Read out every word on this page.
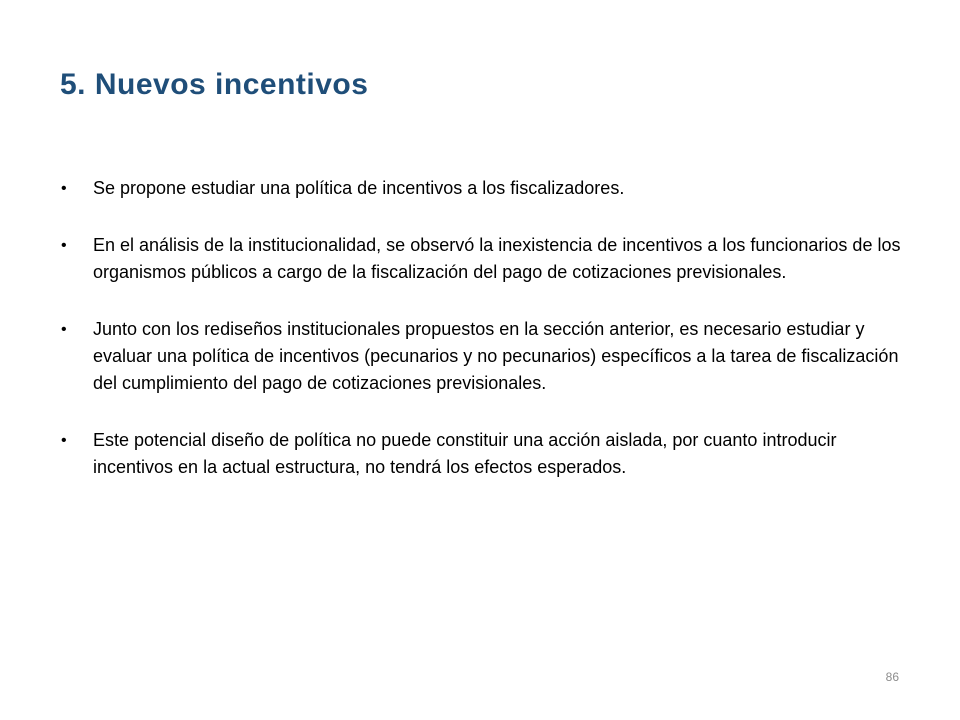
5. Nuevos incentivos
•	Se propone estudiar una política de incentivos a los fiscalizadores.
•	En el análisis de la institucionalidad, se observó la inexistencia de incentivos a los funcionarios de los organismos públicos a cargo de la fiscalización del pago de cotizaciones previsionales.
•	Junto con los rediseños institucionales propuestos en la sección anterior, es necesario estudiar y evaluar una política de incentivos (pecunarios y no pecunarios) específicos a la tarea de fiscalización del cumplimiento del pago de cotizaciones previsionales.
•	Este potencial diseño de política no puede constituir una acción aislada, por cuanto introducir incentivos en la actual estructura, no tendrá los efectos esperados.
86
